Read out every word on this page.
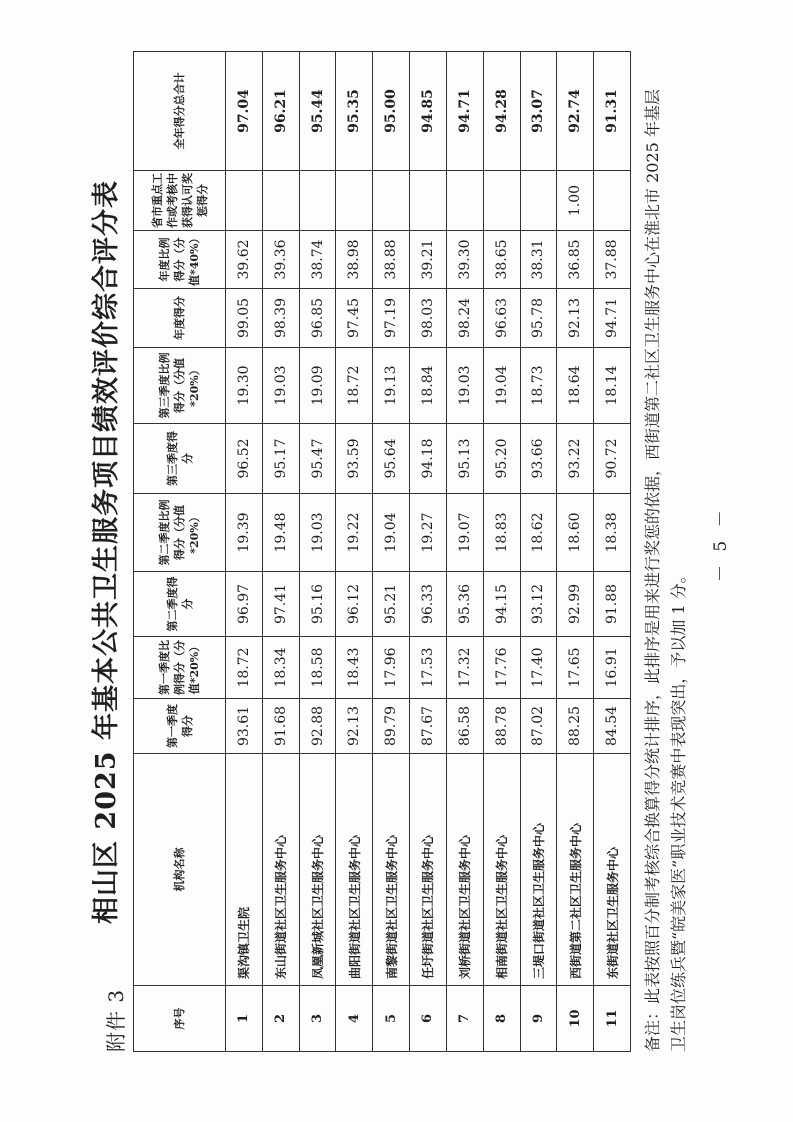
附件 3
相山区 2025 年基本公共卫生服务项目绩效评价综合评分表
序号	机构名称	第一季度得分	第一季度比例得分（分值*20%）	第二季度得分	第二季度比例得分（分值*20%）	第三季度得分	第三季度比例得分（分值*20%）	年度得分	年度比例得分（分值*40%）	省市重点工作或考核中获得认可奖惩得分	全年得分总合计
1	渠沟镇卫生院	93.61	18.72	96.97	19.39	96.52	19.30	99.05	39.62		97.04
2	东山街道社区卫生服务中心	91.68	18.34	97.41	19.48	95.17	19.03	98.39	39.36		96.21
3	凤凰新城社区卫生服务中心	92.88	18.58	95.16	19.03	95.47	19.09	96.85	38.74		95.44
4	曲阳街道社区卫生服务中心	92.13	18.43	96.12	19.22	93.59	18.72	97.45	38.98		95.35
5	南黎街道社区卫生服务中心	89.79	17.96	95.21	19.04	95.64	19.13	97.19	38.88		95.00
6	任圩街道社区卫生服务中心	87.67	17.53	96.33	19.27	94.18	18.84	98.03	39.21		94.85
7	刘桥街道社区卫生服务中心	86.58	17.32	95.36	19.07	95.13	19.03	98.24	39.30		94.71
8	相南街道社区卫生服务中心	88.78	17.76	94.15	18.83	95.20	19.04	96.63	38.65		94.28
9	三堤口街道社区卫生服务中心	87.02	17.40	93.12	18.62	93.66	18.73	95.78	38.31		93.07
10	西街道第二社区卫生服务中心	88.25	17.65	92.99	18.60	93.22	18.64	92.13	36.85	1.00	92.74
11	东街道社区卫生服务中心	84.54	16.91	91.88	18.38	90.72	18.14	94.71	37.88		91.31 备注：此表按照百分制考核综合换算得分统计排序，此排序是用来进行奖惩的依据，西街道第二社区卫生服务中心在淮北市 2025 年基层 卫生岗位练兵暨“皖美家医”职业技术竞赛中表现突出，予以加 1 分。
－ 5 －
